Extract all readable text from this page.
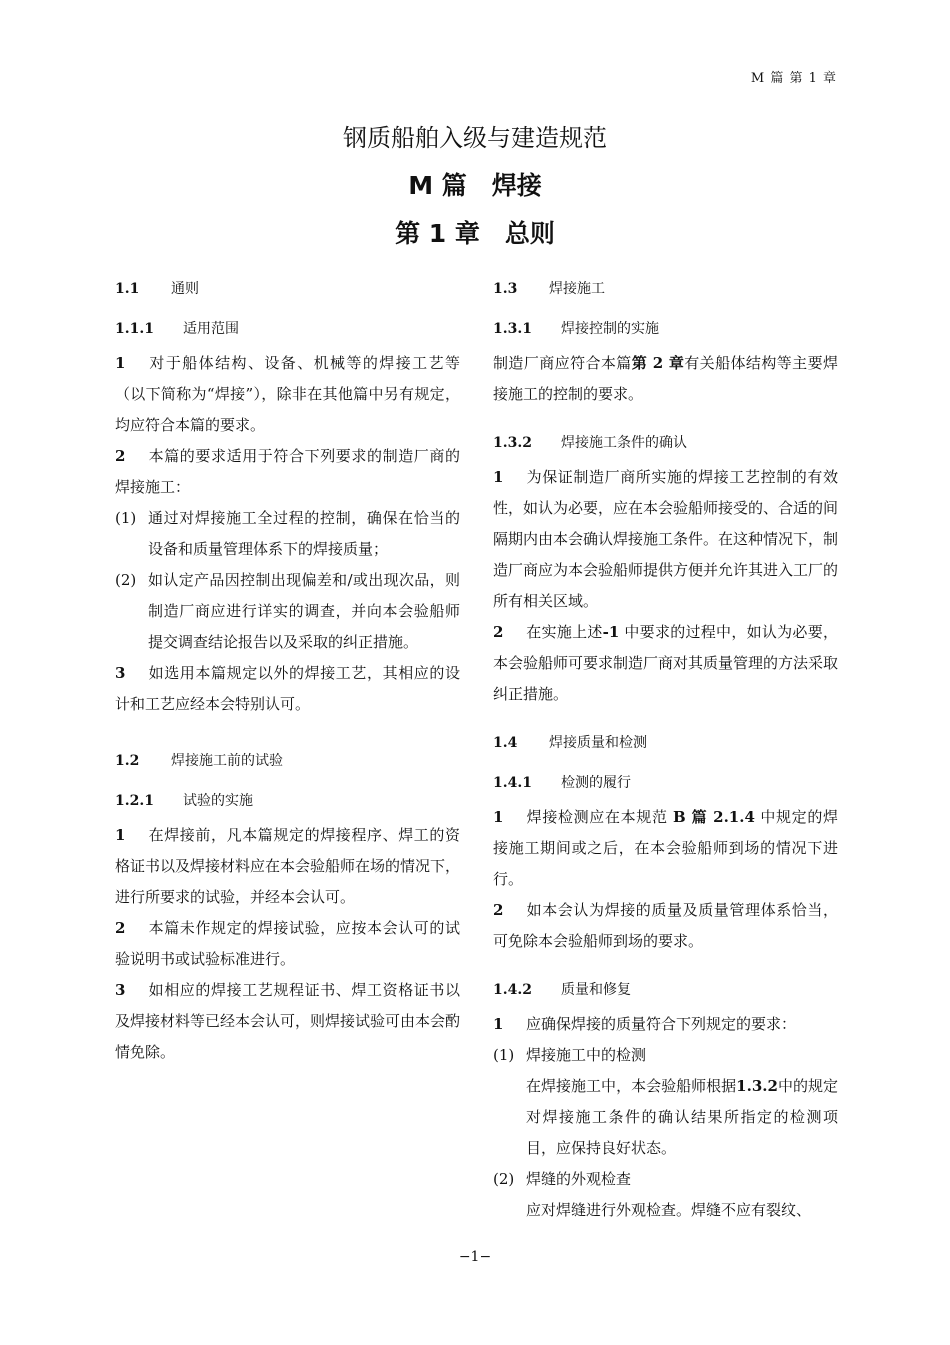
M 篇 第 1 章
钢质船舶入级与建造规范
M 篇　焊接
第 1 章　总则
1.1 通则
1.1.1 适用范围

1 对于船体结构、设备、机械等的焊接工艺等（以下简称为“焊接”），除非在其他篇中另有规定，均应符合本篇的要求。

2 本篇的要求适用于符合下列要求的制造厂商的焊接施工：

(1) 通过对焊接施工全过程的控制，确保在恰当的设备和质量管理体系下的焊接质量；

(2) 如认定产品因控制出现偏差和/或出现次品，则制造厂商应进行详实的调查，并向本会验船师提交调查结论报告以及采取的纠正措施。

3 如选用本篇规定以外的焊接工艺，其相应的设计和工艺应经本会特别认可。

1.2 焊接施工前的试验
1.2.1 试验的实施

1 在焊接前，凡本篇规定的焊接程序、焊工的资格证书以及焊接材料应在本会验船师在场的情况下，进行所要求的试验，并经本会认可。

2 本篇未作规定的焊接试验，应按本会认可的试验说明书或试验标准进行。

3 如相应的焊接工艺规程证书、焊工资格证书以及焊接材料等已经本会认可，则焊接试验可由本会酌情免除。

1.3 焊接施工
1.3.1 焊接控制的实施

制造厂商应符合本篇第 2 章有关船体结构等主要焊接施工的控制的要求。

1.3.2 焊接施工条件的确认

1 为保证制造厂商所实施的焊接工艺控制的有效性，如认为必要，应在本会验船师接受的、合适的间隔期内由本会确认焊接施工条件。在这种情况下，制造厂商应为本会验船师提供方便并允许其进入工厂的所有相关区域。

2 在实施上述-1 中要求的过程中，如认为必要，本会验船师可要求制造厂商对其质量管理的方法采取纠正措施。

1.4 焊接质量和检测
1.4.1 检测的履行

1 焊接检测应在本规范 B 篇 2.1.4 中规定的焊接施工期间或之后，在本会验船师到场的情况下进行。

2 如本会认为焊接的质量及质量管理体系恰当，可免除本会验船师到场的要求。

1.4.2 质量和修复

1 应确保焊接的质量符合下列规定的要求：

(1) 焊接施工中的检测

在焊接施工中，本会验船师根据1.3.2中的规定对焊接施工条件的确认结果所指定的检测项目，应保持良好状态。

(2) 焊缝的外观检查

应对焊缝进行外观检查。焊缝不应有裂纹、

−1−
